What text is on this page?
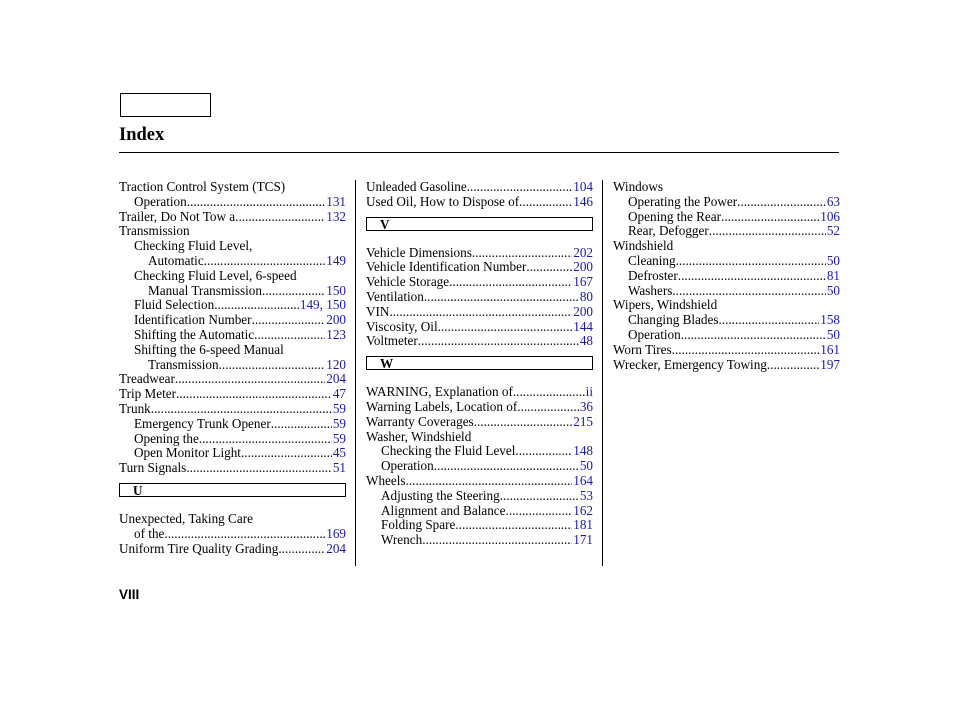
Index
Traction Control System (TCS)
Operation .....	131
Trailer, Do Not Tow a .....	132
Transmission
Checking Fluid Level,
Automatic .....	149
Checking Fluid Level, 6-speed
Manual Transmission .....	150
Fluid Selection .....	149, 150
Identification Number .....	200
Shifting the Automatic .....	123
Shifting the 6-speed Manual
Transmission .....	120
Treadwear .....	204
Trip Meter .....	47
Trunk .....	59
Emergency Trunk Opener .....	59
Opening the .....	59
Open Monitor Light .....	45
Turn Signals .....	51
U
Unexpected, Taking Care
of the .....	169
Uniform Tire Quality Grading .....	204
Unleaded Gasoline .....	104
Used Oil, How to Dispose of .....	146
V
Vehicle Dimensions .....	202
Vehicle Identification Number .....	200
Vehicle Storage .....	167
Ventilation .....	80
VIN .....	200
Viscosity, Oil .....	144
Voltmeter .....	48
W
WARNING, Explanation of .....	ii
Warning Labels, Location of .....	36
Warranty Coverages .....	215
Washer, Windshield
Checking the Fluid Level .....	148
Operation .....	50
Wheels .....	164
Adjusting the Steering .....	53
Alignment and Balance .....	162
Folding Spare .....	181
Wrench .....	171
Windows
Operating the Power .....	63
Opening the Rear .....	106
Rear, Defogger .....	52
Windshield
Cleaning .....	50
Defroster .....	81
Washers .....	50
Wipers, Windshield
Changing Blades .....	158
Operation .....	50
Worn Tires .....	161
Wrecker, Emergency Towing .....	197

VIII
